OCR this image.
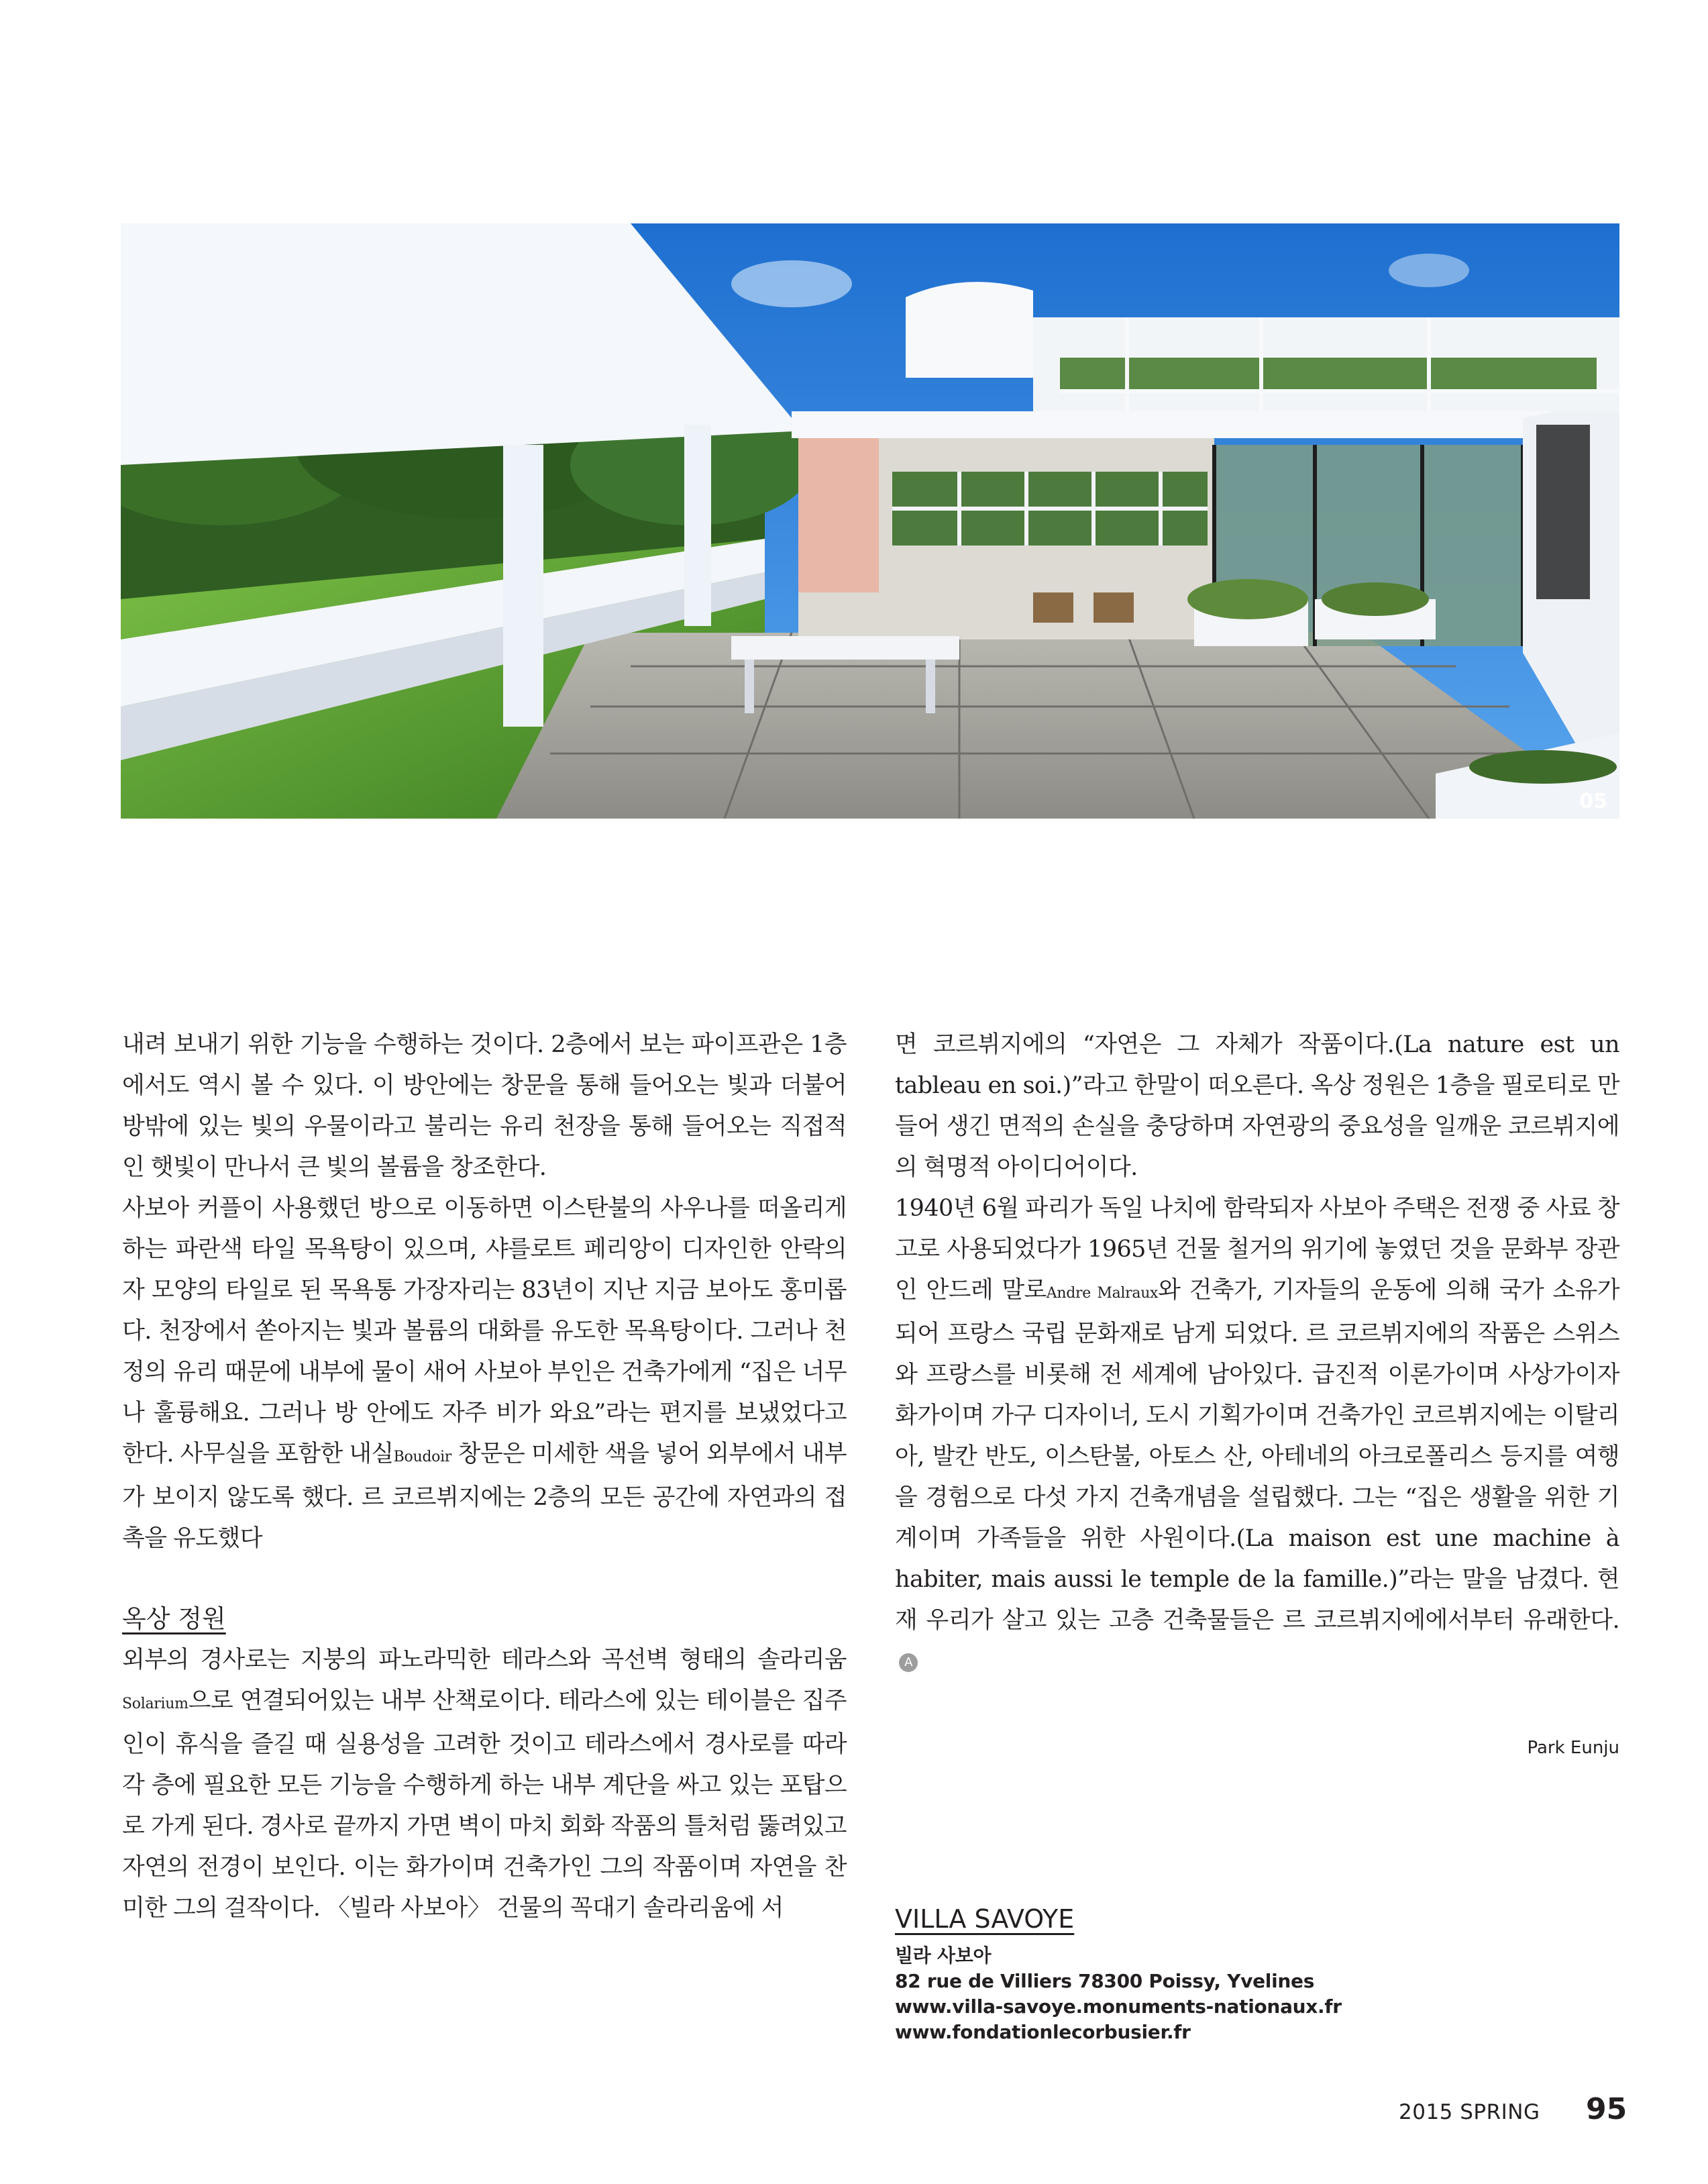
05

내려 보내기 위한 기능을 수행하는 것이다. 2층에서 보는 파이프관은 1층에서도 역시 볼 수 있다. 이 방안에는 창문을 통해 들어오는 빛과 더불어 방밖에 있는 빛의 우물이라고 불리는 유리 천장을 통해 들어오는 직접적인 햇빛이 만나서 큰 빛의 볼륨을 창조한다.

사보아 커플이 사용했던 방으로 이동하면 이스탄불의 사우나를 떠올리게 하는 파란색 타일 목욕탕이 있으며, 샤를로트 페리앙이 디자인한 안락의자 모양의 타일로 된 목욕통 가장자리는 83년이 지난 지금 보아도 홍미롭다. 천장에서 쏟아지는 빛과 볼륨의 대화를 유도한 목욕탕이다. 그러나 천정의 유리 때문에 내부에 물이 새어 사보아 부인은 건축가에게 “집은 너무나 훌륭해요. 그러나 방 안에도 자주 비가 와요”라는 편지를 보냈었다고 한다. 사무실을 포함한 내실Boudoir 창문은 미세한 색을 넣어 외부에서 내부가 보이지 않도록 했다. 르 코르뷔지에는 2층의 모든 공간에 자연과의 접촉을 유도했다

옥상 정원

외부의 경사로는 지붕의 파노라믹한 테라스와 곡선벽 형태의 솔라리움Solarium으로 연결되어있는 내부 산책로이다. 테라스에 있는 테이블은 집주인이 휴식을 즐길 때 실용성을 고려한 것이고 테라스에서 경사로를 따라 각 층에 필요한 모든 기능을 수행하게 하는 내부 계단을 싸고 있는 포탑으로 가게 된다. 경사로 끝까지 가면 벽이 마치 회화 작품의 틀처럼 뚫려있고 자연의 전경이 보인다. 이는 화가이며 건축가인 그의 작품이며 자연을 찬미한 그의 걸작이다. 〈빌라 사보아〉 건물의 꼭대기 솔라리움에 서

면 코르뷔지에의 “자연은 그 자체가 작품이다.(La nature est un tableau en soi.)”라고 한말이 떠오른다. 옥상 정원은 1층을 필로티로 만들어 생긴 면적의 손실을 충당하며 자연광의 중요성을 일깨운 코르뷔지에의 혁명적 아이디어이다.

1940년 6월 파리가 독일 나치에 함락되자 사보아 주택은 전쟁 중 사료 창고로 사용되었다가 1965년 건물 철거의 위기에 놓였던 것을 문화부 장관인 안드레 말로Andre Malraux와 건축가, 기자들의 운동에 의해 국가 소유가 되어 프랑스 국립 문화재로 남게 되었다. 르 코르뷔지에의 작품은 스위스와 프랑스를 비롯해 전 세계에 남아있다. 급진적 이론가이며 사상가이자 화가이며 가구 디자이너, 도시 기획가이며 건축가인 코르뷔지에는 이탈리아, 발칸 반도, 이스탄불, 아토스 산, 아테네의 아크로폴리스 등지를 여행을 경험으로 다섯 가지 건축개념을 설립했다. 그는 “집은 생활을 위한 기계이며 가족들을 위한 사원이다.(La maison est une machine à habiter, mais aussi le temple de la famille.)”라는 말을 남겼다. 현재 우리가 살고 있는 고층 건축물들은 르 코르뷔지에에서부터 유래한다.A

Park Eunju
VILLA SAVOYE
빌라 사보아
82 rue de Villiers 78300 Poissy, Yvelines
www.villa-savoye.monuments-nationaux.fr
www.fondationlecorbusier.fr
2015 SPRING 95
